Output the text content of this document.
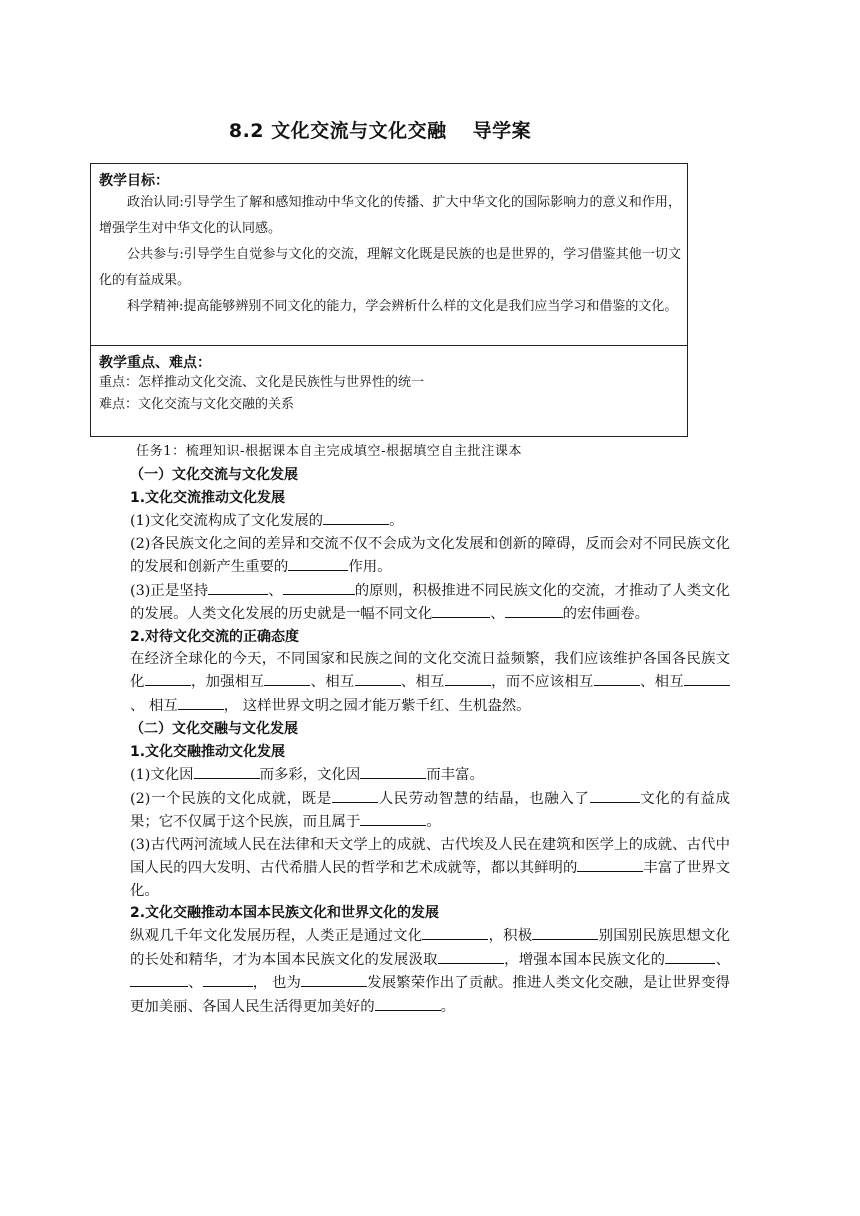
8.2 文化交流与文化交融 导学案
教学目标：

政治认同:引导学生了解和感知推动中华文化的传播、扩大中华文化的国际影响力的意义和作用，增强学生对中华文化的认同感。

公共参与:引导学生自觉参与文化的交流，理解文化既是民族的也是世界的，学习借鉴其他一切文化的有益成果。

科学精神:提高能够辨别不同文化的能力，学会辨析什么样的文化是我们应当学习和借鉴的文化。

教学重点、难点：

重点：怎样推动文化交流、文化是民族性与世界性的统一

难点：文化交流与文化交融的关系

任务1：梳理知识-根据课本自主完成填空-根据填空自主批注课本

（一）文化交流与文化发展

1.文化交流推动文化发展

(1)文化交流构成了文化发展的	。

(2)各民族文化之间的差异和交流不仅不会成为文化发展和创新的障碍，反而会对不同民族文化的发展和创新产生重要的	作用。

(3)正是坚持	、	的原则，积极推进不同民族文化的交流，才推动了人类文化的发展。人类文化发展的历史就是一幅不同文化	、	的宏伟画卷。

2.对待文化交流的正确态度

在经济全球化的今天，不同国家和民族之间的文化交流日益频繁，我们应该维护各国各民族文化	，加强相互	、相互	、相互	，而不应该相互	、相互、 相互	， 这样世界文明之园才能万紫千红、生机盎然。

（二）文化交融与文化发展

1.文化交融推动文化发展

(1)文化因	而多彩，文化因	而丰富。

(2)一个民族的文化成就，既是	人民劳动智慧的结晶，也融入了	文化的有益成果；它不仅属于这个民族，而且属于	。

(3)古代两河流域人民在法律和天文学上的成就、古代埃及人民在建筑和医学上的成就、古代中国人民的四大发明、古代希腊人民的哲学和艺术成就等，都以其鲜明的	丰富了世界文化。

2.文化交融推动本国本民族文化和世界文化的发展

纵观几千年文化发展历程，人类正是通过文化	，积极	别国别民族思想文化的长处和精华，才为本国本民族文化的发展汲取	，增强本国本民族文化的	、、	， 也为	发展繁荣作出了贡献。推进人类文化交融，是让世界变得更加美丽、各国人民生活得更加美好的	。
